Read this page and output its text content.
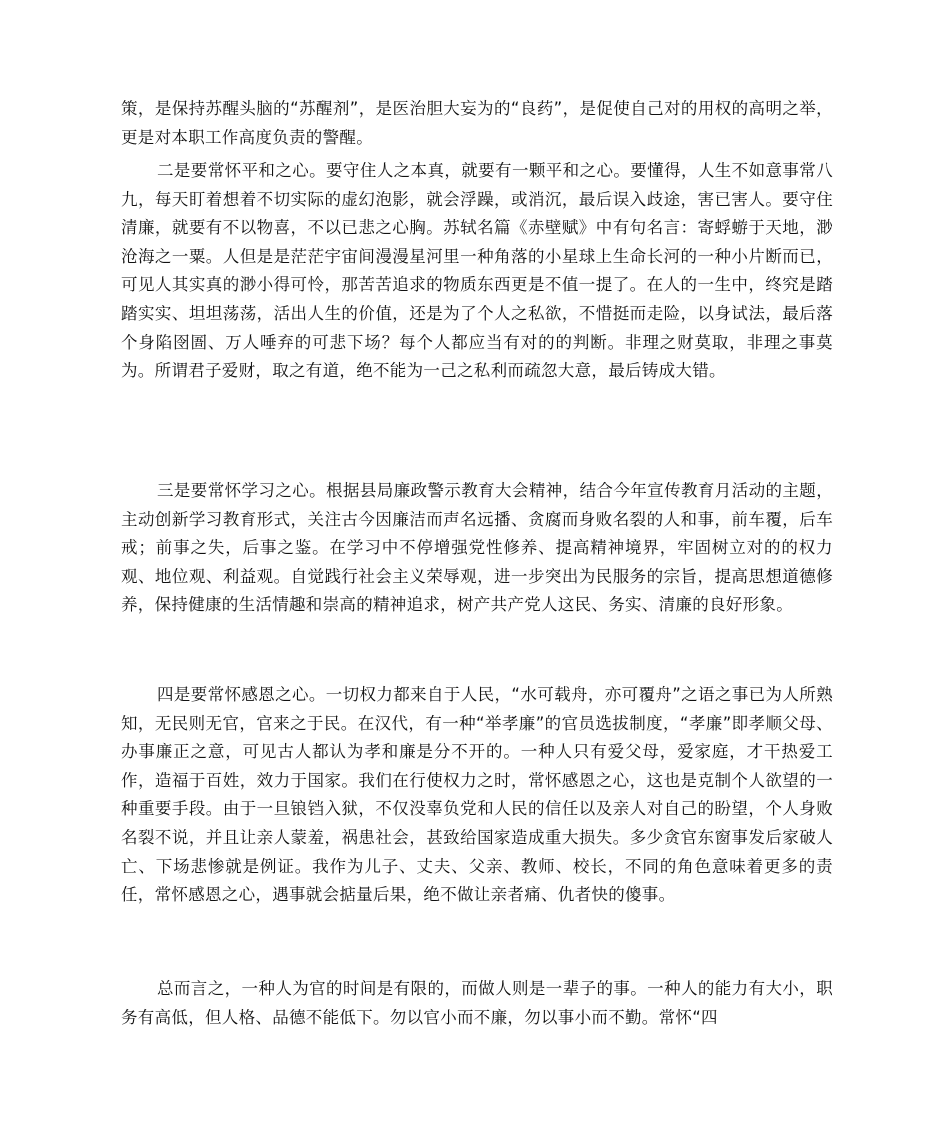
策，是保持苏醒头脑的“苏醒剂”，是医治胆大妄为的“良药”，是促使自己对的用权的高明之举，更是对本职工作高度负责的警醒。

二是要常怀平和之心。要守住人之本真，就要有一颗平和之心。要懂得，人生不如意事常八九，每天盯着想着不切实际的虚幻泡影，就会浮躁，或消沉，最后误入歧途，害已害人。要守住清廉，就要有不以物喜，不以已悲之心胸。苏轼名篇《赤壁赋》中有句名言：寄蜉蝣于天地，渺沧海之一粟。人但是是茫茫宇宙间漫漫星河里一种角落的小星球上生命长河的一种小片断而已，可见人其实真的渺小得可怜，那苦苦追求的物质东西更是不值一提了。在人的一生中，终究是踏踏实实、坦坦荡荡，活出人生的价值，还是为了个人之私欲，不惜挺而走险，以身试法，最后落个身陷囹圄、万人唾弃的可悲下场？每个人都应当有对的的判断。非理之财莫取，非理之事莫为。所谓君子爱财，取之有道，绝不能为一己之私利而疏忽大意，最后铸成大错。

三是要常怀学习之心。根据县局廉政警示教育大会精神，结合今年宣传教育月活动的主题，主动创新学习教育形式，关注古今因廉洁而声名远播、贪腐而身败名裂的人和事，前车覆，后车戒；前事之失，后事之鉴。在学习中不停增强党性修养、提高精神境界，牢固树立对的的权力观、地位观、利益观。自觉践行社会主义荣辱观，进一步突出为民服务的宗旨，提高思想道德修养，保持健康的生活情趣和崇高的精神追求，树产共产党人这民、务实、清廉的良好形象。

四是要常怀感恩之心。一切权力都来自于人民，“水可载舟，亦可覆舟”之语之事已为人所熟知，无民则无官，官来之于民。在汉代，有一种“举孝廉”的官员选拔制度，“孝廉”即孝顺父母、办事廉正之意，可见古人都认为孝和廉是分不开的。一种人只有爱父母，爱家庭，才干热爱工作，造福于百姓，效力于国家。我们在行使权力之时，常怀感恩之心，这也是克制个人欲望的一种重要手段。由于一旦锒铛入狱，不仅没辜负党和人民的信任以及亲人对自己的盼望，个人身败名裂不说，并且让亲人蒙羞，祸患社会，甚致给国家造成重大损失。多少贪官东窗事发后家破人亡、下场悲惨就是例证。我作为儿子、丈夫、父亲、教师、校长，不同的角色意味着更多的责任，常怀感恩之心，遇事就会掂量后果，绝不做让亲者痛、仇者快的傻事。

总而言之，一种人为官的时间是有限的，而做人则是一辈子的事。一种人的能力有大小，职务有高低，但人格、品德不能低下。勿以官小而不廉，勿以事小而不勤。常怀“四
